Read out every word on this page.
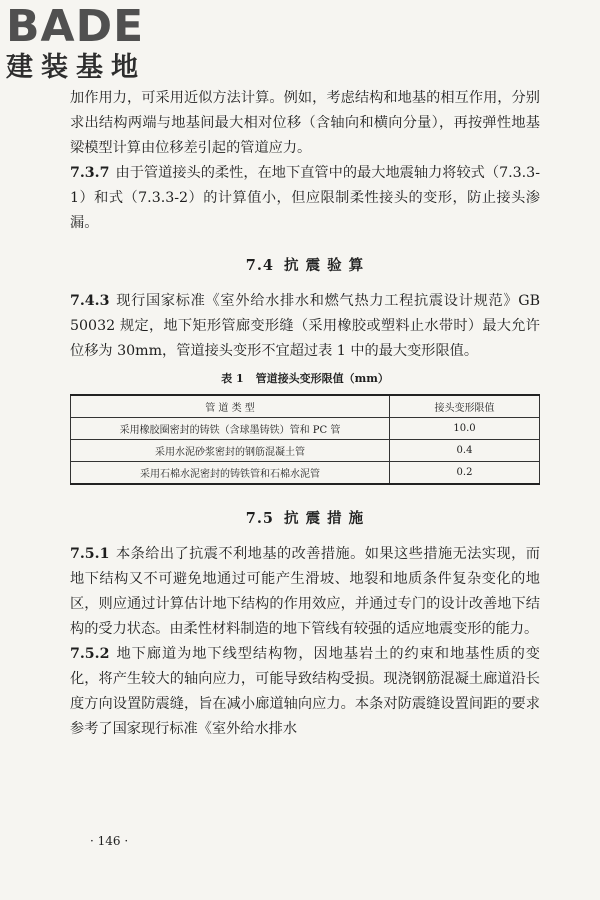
BADE
建装基地

加作用力，可采用近似方法计算。例如，考虑结构和地基的相互作用，分别求出结构两端与地基间最大相对位移（含轴向和横向分量），再按弹性地基梁模型计算由位移差引起的管道应力。

7.3.7 由于管道接头的柔性，在地下直管中的最大地震轴力将较式（7.3.3-1）和式（7.3.3-2）的计算值小，但应限制柔性接头的变形，防止接头渗漏。

7.4 抗 震 验 算

7.4.3 现行国家标准《室外给水排水和燃气热力工程抗震设计规范》GB 50032 规定，地下矩形管廊变形缝（采用橡胶或塑料止水带时）最大允许位移为 30mm，管道接头变形不宜超过表 1 中的最大变形限值。

表 1 管道接头变形限值（mm）
管 道 类 型	接头变形限值
采用橡胶圈密封的铸铁（含球墨铸铁）管和 PC 管	10.0
采用水泥砂浆密封的钢筋混凝土管	0.4
采用石棉水泥密封的铸铁管和石棉水泥管	0.2
7.5 抗 震 措 施

7.5.1 本条给出了抗震不利地基的改善措施。如果这些措施无法实现，而地下结构又不可避免地通过可能产生滑坡、地裂和地质条件复杂变化的地区，则应通过计算估计地下结构的作用效应，并通过专门的设计改善地下结构的受力状态。由柔性材料制造的地下管线有较强的适应地震变形的能力。

7.5.2 地下廊道为地下线型结构物，因地基岩土的约束和地基性质的变化，将产生较大的轴向应力，可能导致结构受损。现浇钢筋混凝土廊道沿长度方向设置防震缝，旨在减小廊道轴向应力。本条对防震缝设置间距的要求参考了国家现行标准《室外给水排水

· 146 ·
